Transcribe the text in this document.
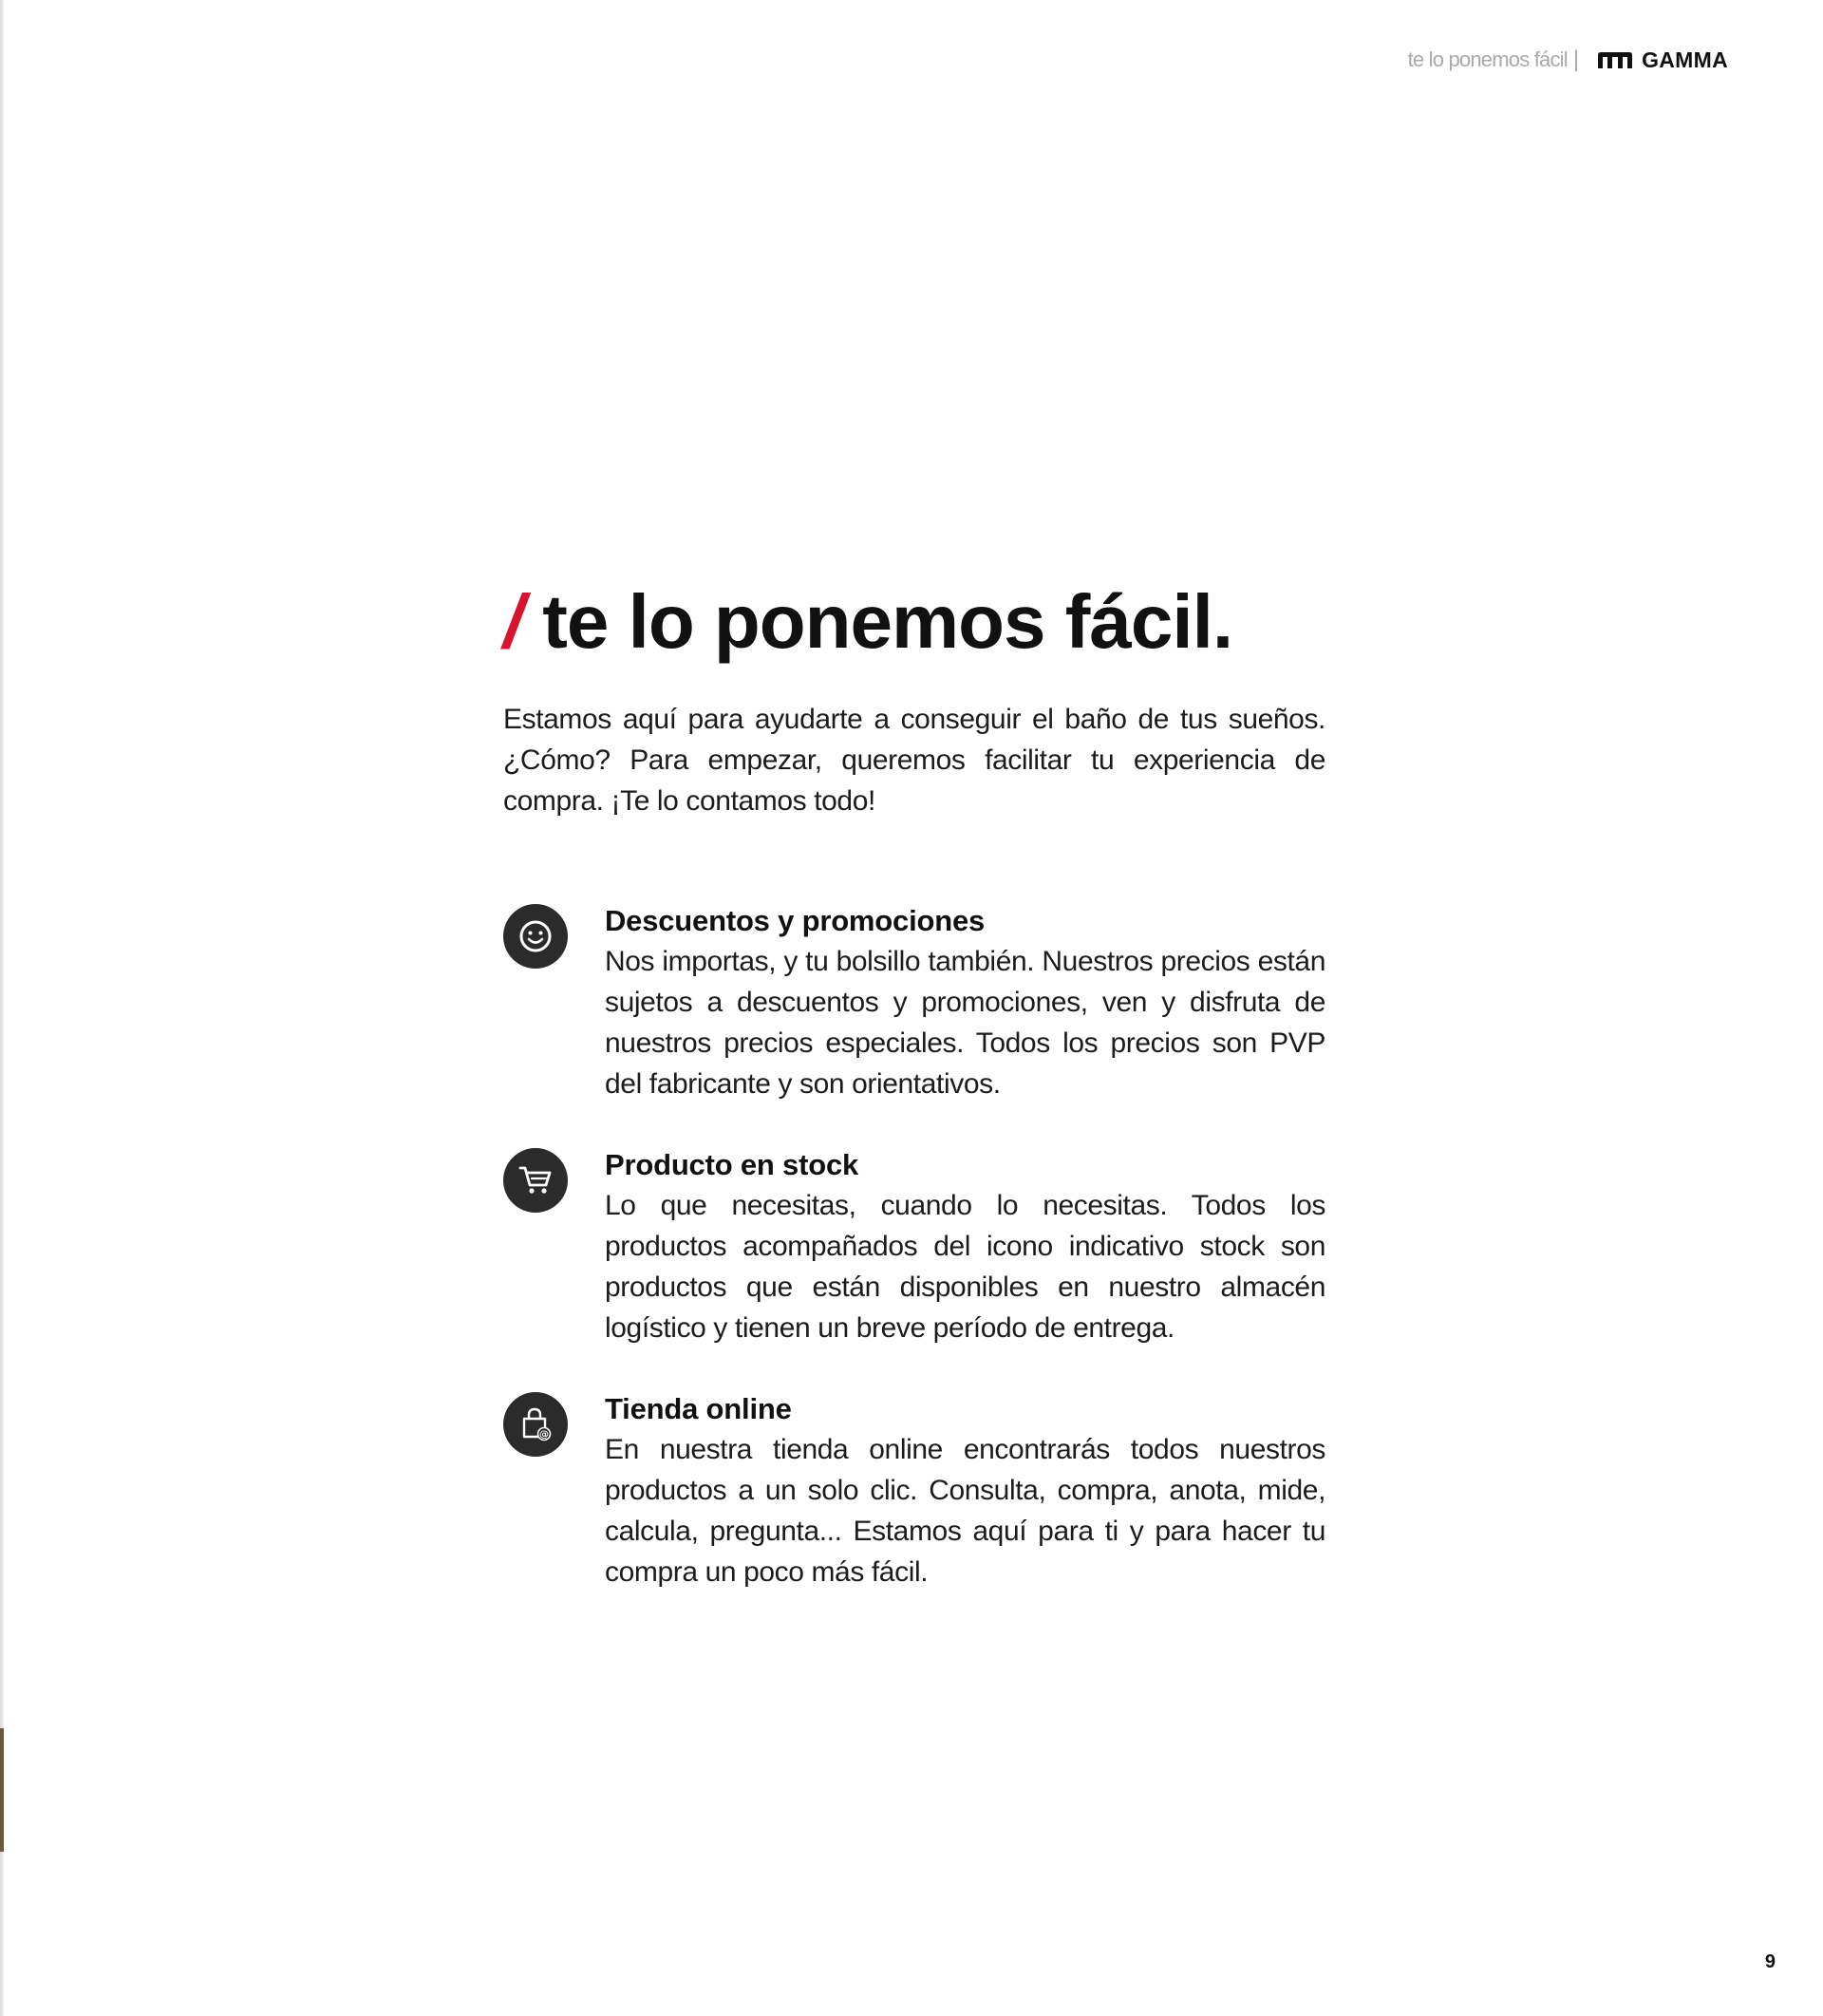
te lo ponemos fácil |	GAMMA
/ te lo ponemos fácil.
Estamos aquí para ayudarte a conseguir el baño de tus sueños. ¿Cómo? Para empezar, queremos facilitar tu experiencia de compra. ¡Te lo contamos todo!
Descuentos y promociones
Nos importas, y tu bolsillo también. Nuestros precios están sujetos a descuentos y promociones, ven y disfruta de nuestros precios especiales. Todos los precios son PVP del fabricante y son orientativos.
Producto en stock
Lo que necesitas, cuando lo necesitas. Todos los productos acompañados del icono indicativo stock son productos que están disponibles en nuestro almacén logístico y tienen un breve período de entrega.
@
Tienda online
En nuestra tienda online encontrarás todos nuestros productos a un solo clic. Consulta, compra, anota, mide, calcula, pregunta... Estamos aquí para ti y para hacer tu compra un poco más fácil.
9
